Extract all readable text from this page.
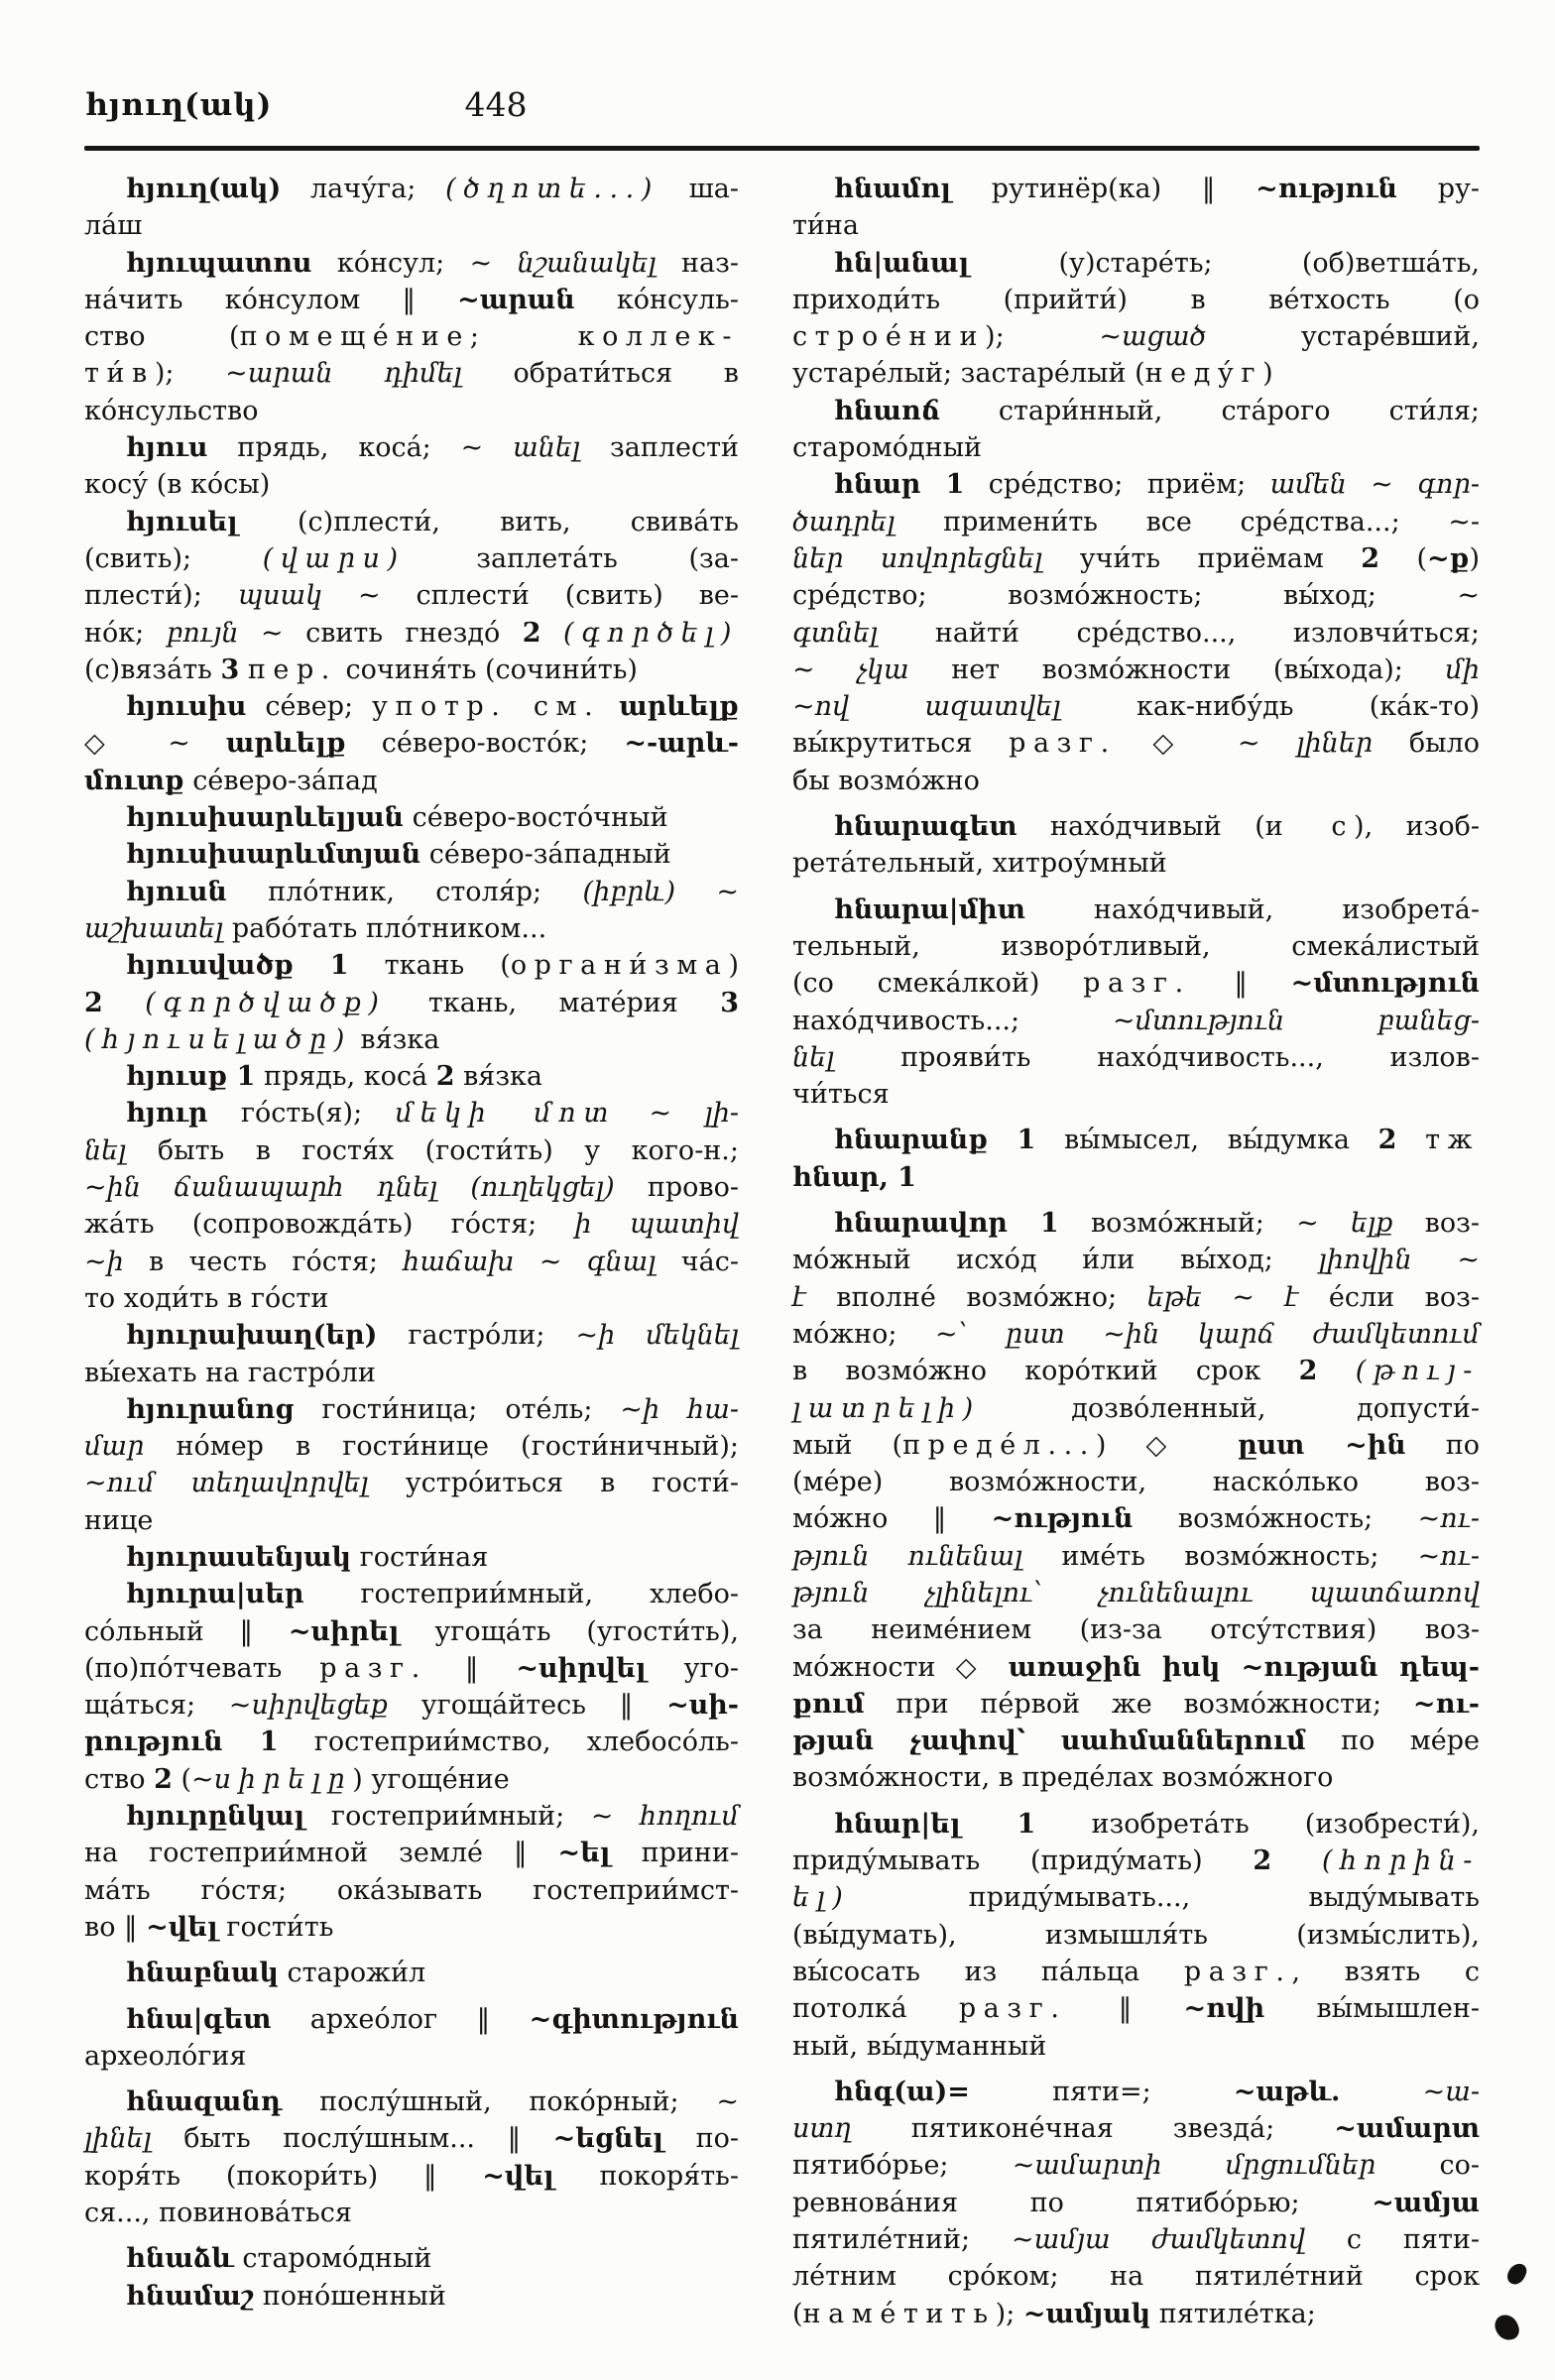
հյուղ(ակ)	448
հյուղ(ակ) лачу́га; (ծղոտե...) ша-
ла́ш
հյուպատոս ко́нсул; ~ նշանակել наз-
на́чить ко́нсулом ‖ ~արան ко́нсуль-
ство (помеще́ние; коллек-
ти́в); ~արան դիմել обрати́ться в
ко́нсульство
հյուս прядь, коса́; ~ անել заплести́
косу́ (в ко́сы)
հյուսել (с)плести́, вить, свива́ть
(свить); (վարս) заплета́ть (за-
плести́); պսակ ~ сплести́ (свить) ве-
но́к; բույն ~ свить гнездо́ 2 (գործել)
(с)вяза́ть 3 пер. сочиня́ть (сочини́ть)
հյուսիս се́вер; употр. см. արևելք
◇ ~ արևելք се́веро-восто́к; ~-արև-
մուտք се́веро-за́пад
հյուսիսարևելյան се́веро-восто́чный
հյուսիսարևմտյան се́веро-за́падный
հյուսն пло́тник, столя́р; (իբրև) ~
աշխատել рабо́тать пло́тником...
հյուսվածք 1 ткань (органи́зма)
2 (գործվածք) ткань, мате́рия 3
(հյուսելածը) вя́зка
հյուսք 1 прядь, коса́ 2 вя́зка
հյուր го́сть(я); մեկի մոտ ~ լի-
նել быть в гостя́х (гости́ть) у кого-н.;
~ին ճանապարհ դնել (ուղեկցել) прово-
жа́ть (сопровожда́ть) го́стя; ի պատիվ
~ի в честь го́стя; հաճախ ~ գնալ ча́с-
то ходи́ть в го́сти
հյուրախաղ(եր) гастро́ли; ~ի մեկնել
вы́ехать на гастро́ли
հյուրանոց гости́ница; оте́ль; ~ի հա-
մար но́мер в гости́нице (гости́ничный);
~ում տեղավորվել устро́иться в гости́-
нице
հյուրասենյակ гости́ная
հյուրա|սեր гостеприи́мный, хлебо-
со́льный ‖ ~սիրել угоща́ть (угости́ть),
(по)по́тчевать разг. ‖ ~սիրվել уго-
ща́ться; ~սիրվեցեք угоща́йтесь ‖ ~սի-
րություն 1 гостеприи́мство, хлебосо́ль-
ство 2 (~սիրելը) угоще́ние
հյուրընկալ гостеприи́мный; ~ հողում
на гостеприи́мной земле́ ‖ ~ել прини-
ма́ть го́стя; ока́зывать гостеприи́мст-
во ‖ ~վել гости́ть
հնաբնակ старожи́л
հնա|գետ архео́лог ‖ ~գիտություն
археоло́гия
հնազանդ послу́шный, поко́рный; ~
լինել быть послу́шным... ‖ ~եցնել по-
коря́ть (покори́ть) ‖ ~վել покоря́ть-
ся..., повинова́ться
հնաձև старомо́дный
հնամաշ поно́шенный
հնամոլ рутинёр(ка) ‖ ~ություն ру-
ти́на
հն|անալ (у)старе́ть; (об)ветша́ть,
приходи́ть (прийти́) в ве́тхость (о
строе́нии); ~ացած устаре́вший,
устаре́лый; застаре́лый (неду́г)
հնաոճ стари́нный, ста́рого сти́ля;
старомо́дный
հնար 1 сре́дство; приём; ամեն ~ գոր-
ծադրել примени́ть все сре́дства...; ~-
ներ սովորեցնել учи́ть приёмам 2 (~ք)
сре́дство; возмо́жность; вы́ход; ~
գտնել найти́ сре́дство..., изловчи́ться;
~ չկա нет возмо́жности (вы́хода); մի
~ով ազատվել как-нибу́дь (ка́к-то)
вы́крутиться разг. ◇ ~ լիներ было
бы возмо́жно
հնարագետ нахо́дчивый (и с), изоб-
рета́тельный, хитроу́мный
հնարա|միտ нахо́дчивый, изобрета́-
тельный, изворо́тливый, смека́листый
(со смека́лкой) разг. ‖ ~մտություն
нахо́дчивость...; ~մտություն բանեց-
նել прояви́ть нахо́дчивость..., излов-
чи́ться
հնարանք 1 вы́мысел, вы́думка 2 тж
հնար, 1
հնարավոր 1 возмо́жный; ~ ելք воз-
мо́жный исхо́д и́ли вы́ход; լիովին ~
է вполне́ возмо́жно; եթե ~ է е́сли воз-
мо́жно; ~՝ ըստ ~ին կարճ ժամկետում
в возмо́жно коро́ткий срок 2 (թույ-
լատրելի) дозво́ленный, допусти́-
мый (преде́л...) ◇ ըստ ~ին по
(ме́ре) возмо́жности, наско́лько воз-
мо́жно ‖ ~ություն возмо́жность; ~ու-
թյուն ունենալ име́ть возмо́жность; ~ու-
թյուն չլինելու՝ չունենալու պատճառով
за неиме́нием (из-за отсу́тствия) воз-
мо́жности ◇ առաջին իսկ ~ության դեպ-
քում при пе́рвой же возмо́жности; ~ու-
թյան չափով՝ սահմաններում по ме́ре
возмо́жности, в преде́лах возмо́жного
հնար|ել 1 изобрета́ть (изобрести́),
приду́мывать (приду́мать) 2 (հորին-
ել) приду́мывать..., выду́мывать
(вы́думать), измышля́ть (измы́слить),
вы́сосать из па́льца разг., взять с
потолка́ разг. ‖ ~ովի вы́мышлен-
ный, вы́думанный
հնգ(ա)= пяти=; ~աթև.	~ա-
ստղ пятиконе́чная звезда́; ~ամարտ
пятибо́рье; ~ամարտի մրցումներ со-
ревнова́ния по пятибо́рью; ~ամյա
пятиле́тний; ~ամյա ժամկետով с пяти-
ле́тним сро́ком; на пятиле́тний срок
(наме́тить); ~ամյակ пятиле́тка;
